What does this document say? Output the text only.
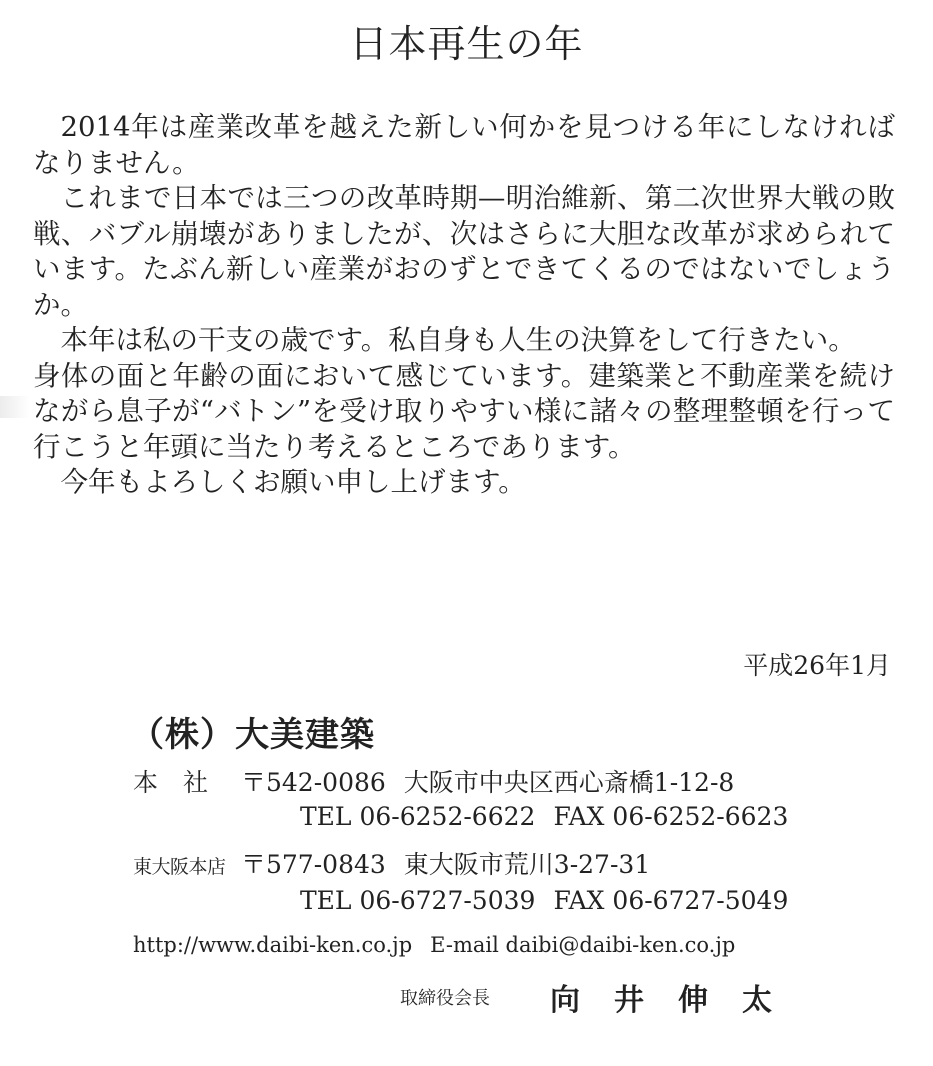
日本再生の年

2014年は産業改革を越えた新しい何かを見つける年にしなければなりません。

これまで日本では三つの改革時期—明治維新、第二次世界大戦の敗戦、バブル崩壊がありましたが、次はさらに大胆な改革が求められています。たぶん新しい産業がおのずとできてくるのではないでしょうか。

本年は私の干支の歳です。私自身も人生の決算をして行きたい。

身体の面と年齢の面において感じています。建築業と不動産業を続けながら息子が“バトン”を受け取りやすい様に諸々の整理整頓を行って行こうと年頭に当たり考えるところであります。

今年もよろしくお願い申し上げます。

平成26年1月
（株）大美建築
本　社 〒542-0086 大阪市中央区西心斎橋1-12-8
TEL 06-6252-6622 FAX 06-6252-6623
東大阪本店 〒577-0843 東大阪市荒川3-27-31
TEL 06-6727-5039 FAX 06-6727-5049
http://www.daibi-ken.co.jp E-mail daibi@daibi-ken.co.jp
取締役会長 向井伸太
